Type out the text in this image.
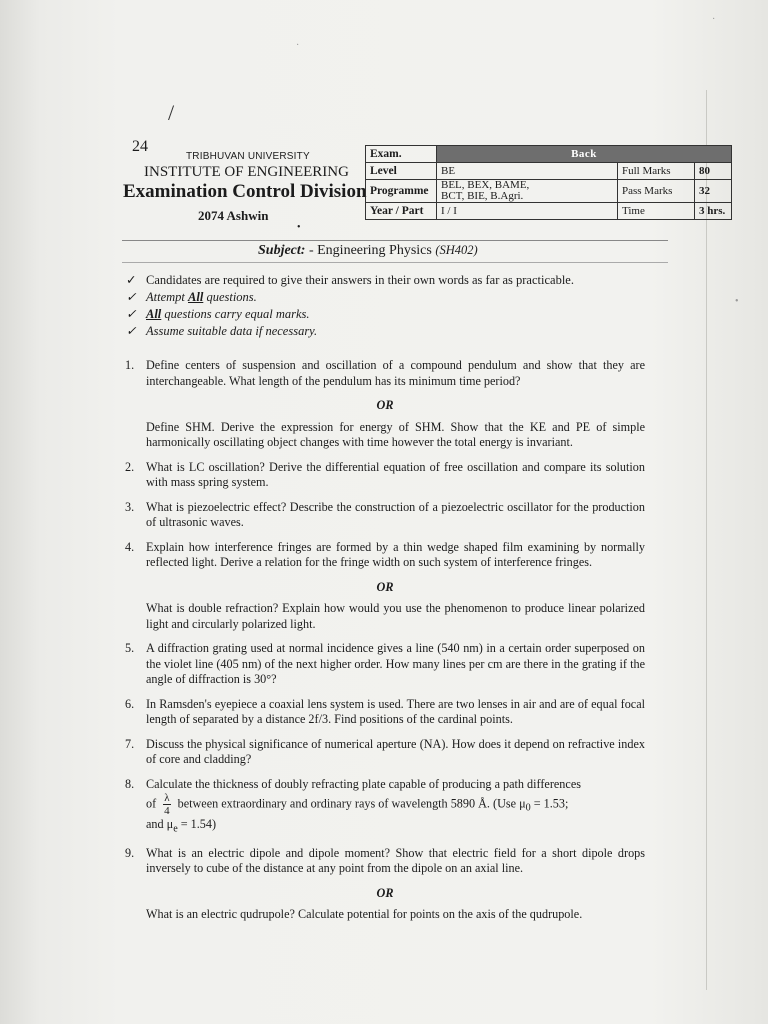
·
•
·
/
24
TRIBHUVAN UNIVERSITY
INSTITUTE OF ENGINEERING
Examination Control Division
2074 Ashwin
•
Exam.	Back		
Level	BE	Full Marks	80
Programme	BEL, BEX, BAME,
BCT, BIE, B.Agri.	Pass Marks	32
Year / Part	I / I	Time	3 hrs.
Subject: - Engineering Physics (SH402)
✓ Candidates are required to give their answers in their own words as far as practicable.
✓ Attempt All questions.
✓ All questions carry equal marks.
✓ Assume suitable data if necessary.
1. Define centers of suspension and oscillation of a compound pendulum and show that they are interchangeable. What length of the pendulum has its minimum time period?
OR
Define SHM. Derive the expression for energy of SHM. Show that the KE and PE of simple harmonically oscillating object changes with time however the total energy is invariant.
2. What is LC oscillation? Derive the differential equation of free oscillation and compare its solution with mass spring system.
3. What is piezoelectric effect? Describe the construction of a piezoelectric oscillator for the production of ultrasonic waves.
4. Explain how interference fringes are formed by a thin wedge shaped film examining by normally reflected light. Derive a relation for the fringe width on such system of interference fringes.
OR
What is double refraction? Explain how would you use the phenomenon to produce linear polarized light and circularly polarized light.
5. A diffraction grating used at normal incidence gives a line (540 nm) in a certain order superposed on the violet line (405 nm) of the next higher order. How many lines per cm are there in the grating if the angle of diffraction is 30°?
6. In Ramsden's eyepiece a coaxial lens system is used. There are two lenses in air and are of equal focal length of separated by a distance 2f/3. Find positions of the cardinal points.
7. Discuss the physical significance of numerical aperture (NA). How does it depend on refractive index of core and cladding?
8. Calculate the thickness of doubly refracting plate capable of producing a path differences
of $\frac{\lambda}{4}$ between extraordinary and ordinary rays of wavelength 5890 Å. (Use $\mu_0 = 1.53$;
and $\mu_e = 1.54$)
9. What is an electric dipole and dipole moment? Show that electric field for a short dipole drops inversely to cube of the distance at any point from the dipole on an axial line.
OR
What is an electric qudrupole? Calculate potential for points on the axis of the qudrupole.
